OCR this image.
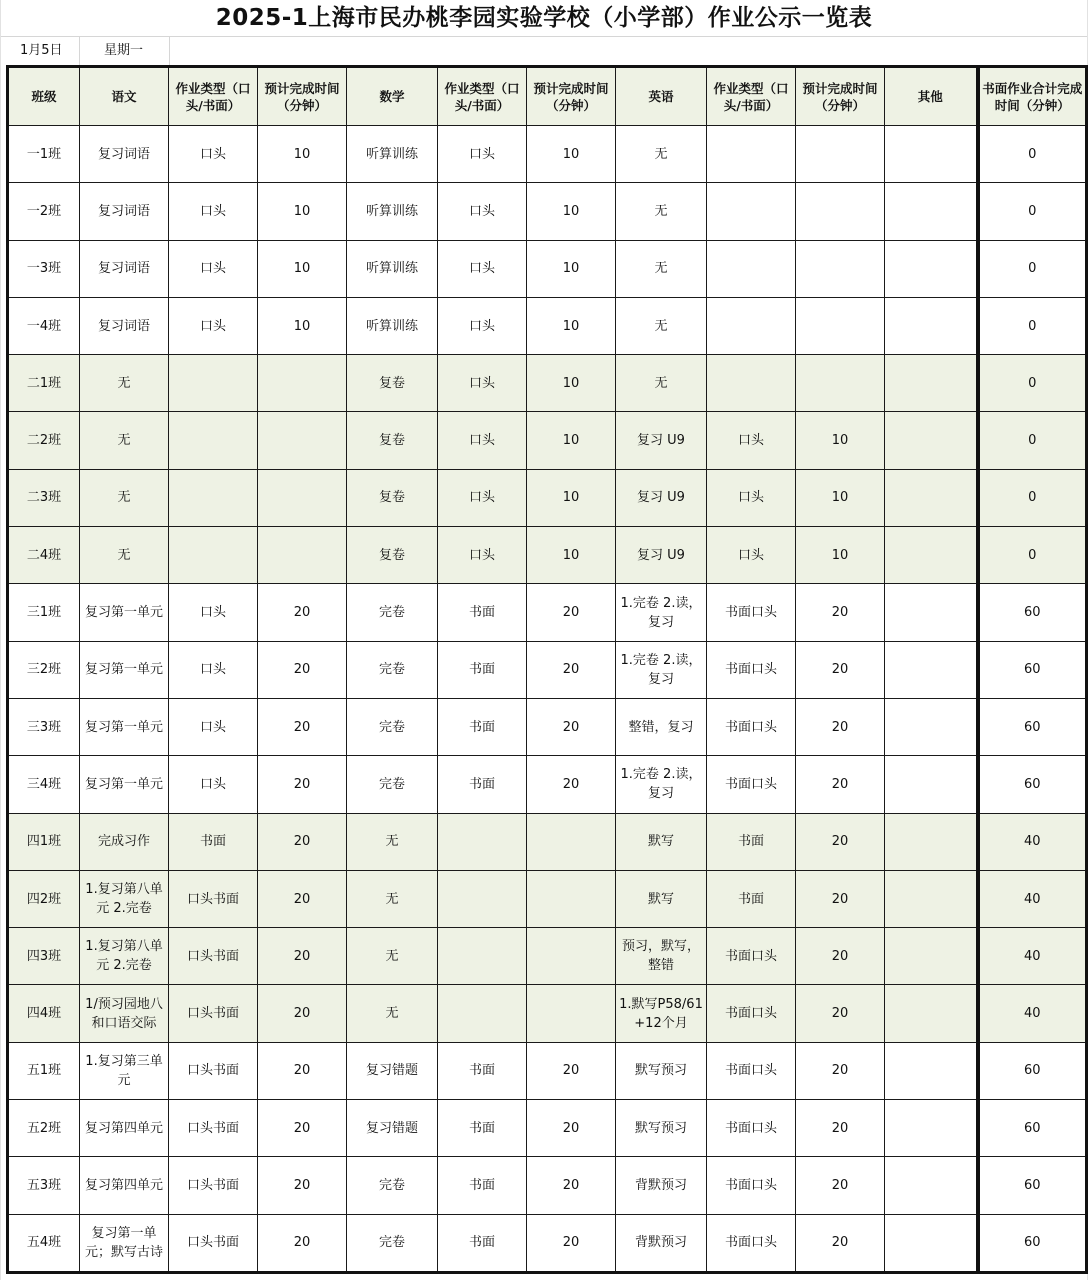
2025-1上海市民办桃李园实验学校（小学部）作业公示一览表
1月5日	星期一
班级	语文	作业类型（口头/书面）	预计完成时间（分钟）	数学	作业类型（口头/书面）	预计完成时间（分钟）	英语	作业类型（口头/书面）	预计完成时间（分钟）	其他	书面作业合计完成时间（分钟）

一1班	复习词语	口头	10	听算训练	口头	10	无				0

一2班	复习词语	口头	10	听算训练	口头	10	无				0

一3班	复习词语	口头	10	听算训练	口头	10	无				0

一4班	复习词语	口头	10	听算训练	口头	10	无				0

二1班	无			复卷	口头	10	无				0

二2班	无			复卷	口头	10	复习 U9	口头	10		0

二3班	无			复卷	口头	10	复习 U9	口头	10		0

二4班	无			复卷	口头	10	复习 U9	口头	10		0

三1班	复习第一单元	口头	20	完卷	书面	20	1.完卷 2.读，复习	书面口头	20		60

三2班	复习第一单元	口头	20	完卷	书面	20	1.完卷 2.读，复习	书面口头	20		60

三3班	复习第一单元	口头	20	完卷	书面	20	整错，复习	书面口头	20		60

三4班	复习第一单元	口头	20	完卷	书面	20	1.完卷 2.读，复习	书面口头	20		60

四1班	完成习作	书面	20	无			默写	书面	20		40

四2班	1.复习第八单元 2.完卷	口头书面	20	无			默写	书面	20		40

四3班	1.复习第八单元 2.完卷	口头书面	20	无			预习，默写，整错	书面口头	20		40

四4班	1/预习园地八和口语交际	口头书面	20	无			1.默写P58/61+12个月	书面口头	20		40

五1班	1.复习第三单元	口头书面	20	复习错题	书面	20	默写预习	书面口头	20		60

五2班	复习第四单元	口头书面	20	复习错题	书面	20	默写预习	书面口头	20		60

五3班	复习第四单元	口头书面	20	完卷	书面	20	背默预习	书面口头	20		60

五4班	复习第一单元；默写古诗	口头书面	20	完卷	书面	20	背默预习	书面口头	20		60
